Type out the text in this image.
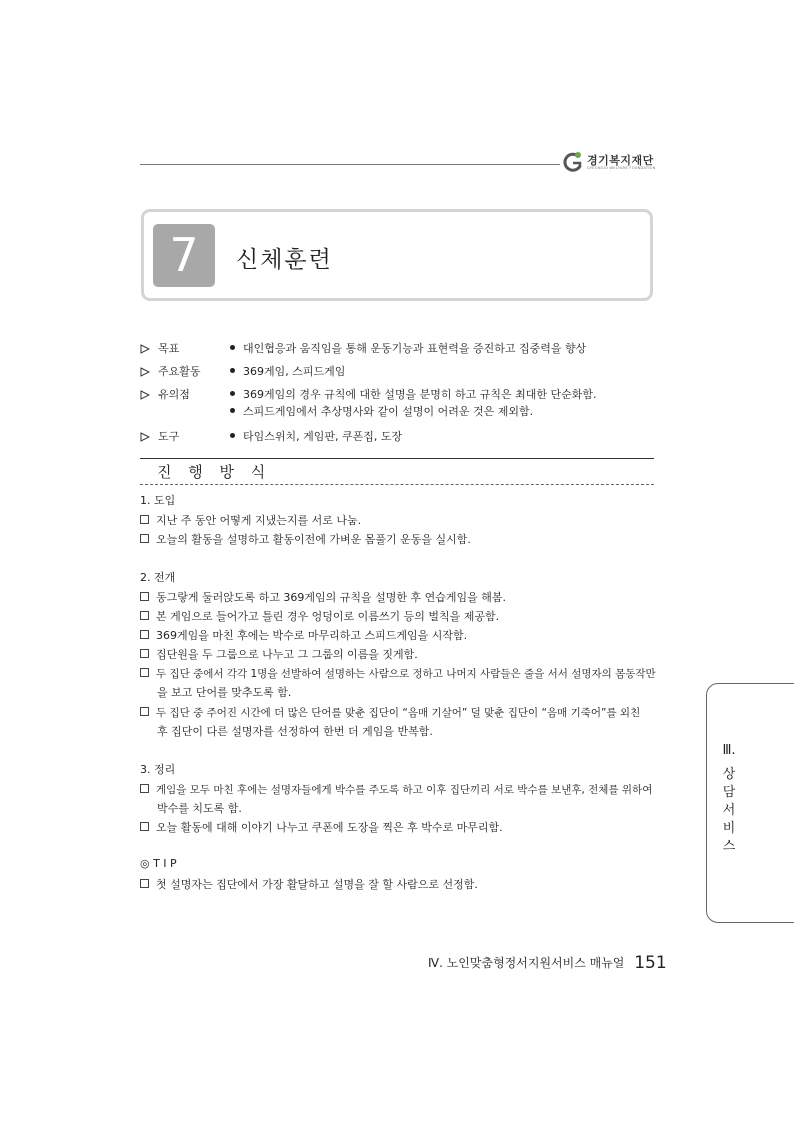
경기복지재단
GYEONGGI WELFARE FOUNDATION
7	신체훈련
목표	대인협응과 움직임을 통해 운동기능과 표현력을 증진하고 집중력을 향상
주요활동	369게임, 스피드게임
유의점	369게임의 경우 규칙에 대한 설명을 분명히 하고 규칙은 최대한 단순화함.
스피드게임에서 추상명사와 같이 설명이 어려운 것은 제외함.
도구	타임스위치, 게임판, 쿠폰집, 도장
진 행 방 식
1. 도입
지난 주 동안 어떻게 지냈는지를 서로 나눔.
오늘의 활동을 설명하고 활동이전에 가벼운 몸풀기 운동을 실시함.
2. 전개
동그랗게 둘러앉도록 하고 369게임의 규칙을 설명한 후 연습게임을 해봄.
본 게임으로 들어가고 틀린 경우 엉덩이로 이름쓰기 등의 벌칙을 제공함.
369게임을 마친 후에는 박수로 마무리하고 스피드게임을 시작함.
집단원을 두 그룹으로 나누고 그 그룹의 이름을 짓게함.
두 집단 중에서 각각 1명을 선발하여 설명하는 사람으로 정하고 나머지 사람들은 줄을 서서 설명자의 몸동작만
을 보고 단어를 맞추도록 함.
두 집단 중 주어진 시간에 더 많은 단어를 맞춘 집단이 “음매 기살어” 덜 맞춘 집단이 “음매 기죽어”를 외친
후 집단이 다른 설명자를 선정하여 한번 더 게임을 반복함.
3. 정리
게임을 모두 마친 후에는 설명자들에게 박수를 주도록 하고 이후 집단끼리 서로 박수를 보낸후, 전체를 위하여
박수를 치도록 함.
오늘 활동에 대해 이야기 나누고 쿠폰에 도장을 찍은 후 박수로 마무리함.
◎ T I P
첫 설명자는 집단에서 가장 활달하고 설명을 잘 할 사람으로 선정함.
Ⅲ.
상
담
서
비
스
Ⅳ. 노인맞춤형정서지원서비스 매뉴얼 151
